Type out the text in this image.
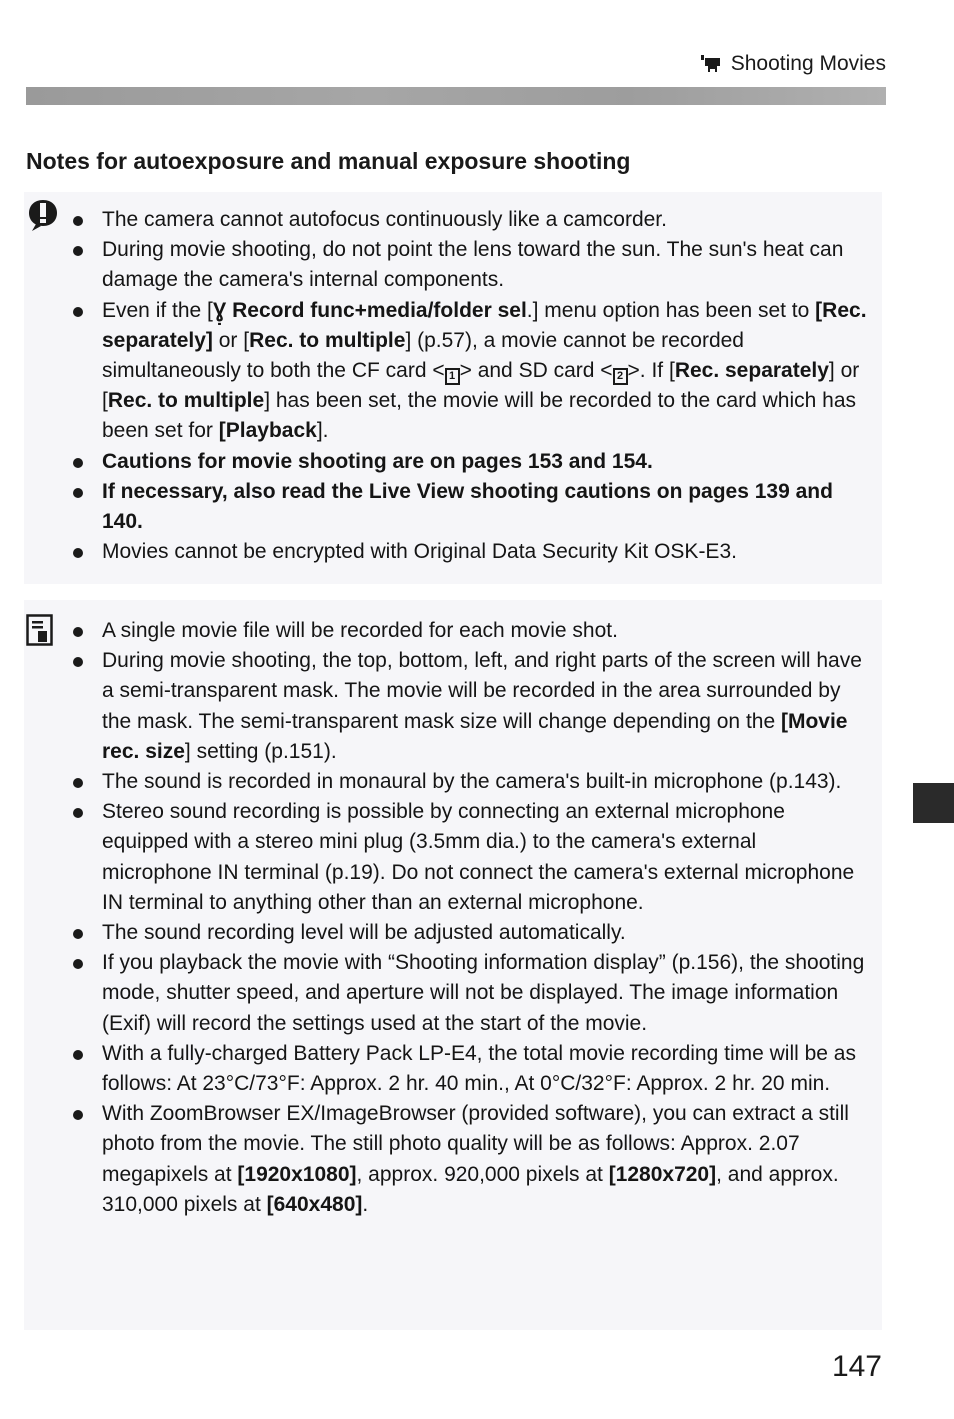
Shooting Movies
Notes for autoexposure and manual exposure shooting
The camera cannot autofocus continuously like a camcorder.
During movie shooting, do not point the lens toward the sun. The sun's heat can damage the camera's internal components.
Even if the [Ɣ̣ Record func+media/folder sel.] menu option has been set to [Rec. separately] or [Rec. to multiple] (p.57), a movie cannot be recorded simultaneously to both the CF card < 1 > and SD card < 2 >. If [Rec. separately] or [Rec. to multiple] has been set, the movie will be recorded to the card which has been set for [Playback].
Cautions for movie shooting are on pages 153 and 154.
If necessary, also read the Live View shooting cautions on pages 139 and 140.
Movies cannot be encrypted with Original Data Security Kit OSK-E3.
A single movie file will be recorded for each movie shot.
During movie shooting, the top, bottom, left, and right parts of the screen will have a semi-transparent mask. The movie will be recorded in the area surrounded by the mask. The semi-transparent mask size will change depending on the [Movie rec. size] setting (p.151).
The sound is recorded in monaural by the camera's built-in microphone (p.143).
Stereo sound recording is possible by connecting an external microphone equipped with a stereo mini plug (3.5mm dia.) to the camera's external microphone IN terminal (p.19). Do not connect the camera's external microphone IN terminal to anything other than an external microphone.
The sound recording level will be adjusted automatically.
If you playback the movie with “Shooting information display” (p.156), the shooting mode, shutter speed, and aperture will not be displayed. The image information (Exif) will record the settings used at the start of the movie.
With a fully-charged Battery Pack LP-E4, the total movie recording time will be as follows: At 23°C/73°F: Approx. 2 hr. 40 min., At 0°C/32°F: Approx. 2 hr. 20 min.
With ZoomBrowser EX/ImageBrowser (provided software), you can extract a still photo from the movie. The still photo quality will be as follows: Approx. 2.07 megapixels at [1920x1080], approx. 920,000 pixels at [1280x720], and approx. 310,000 pixels at [640x480].
147
